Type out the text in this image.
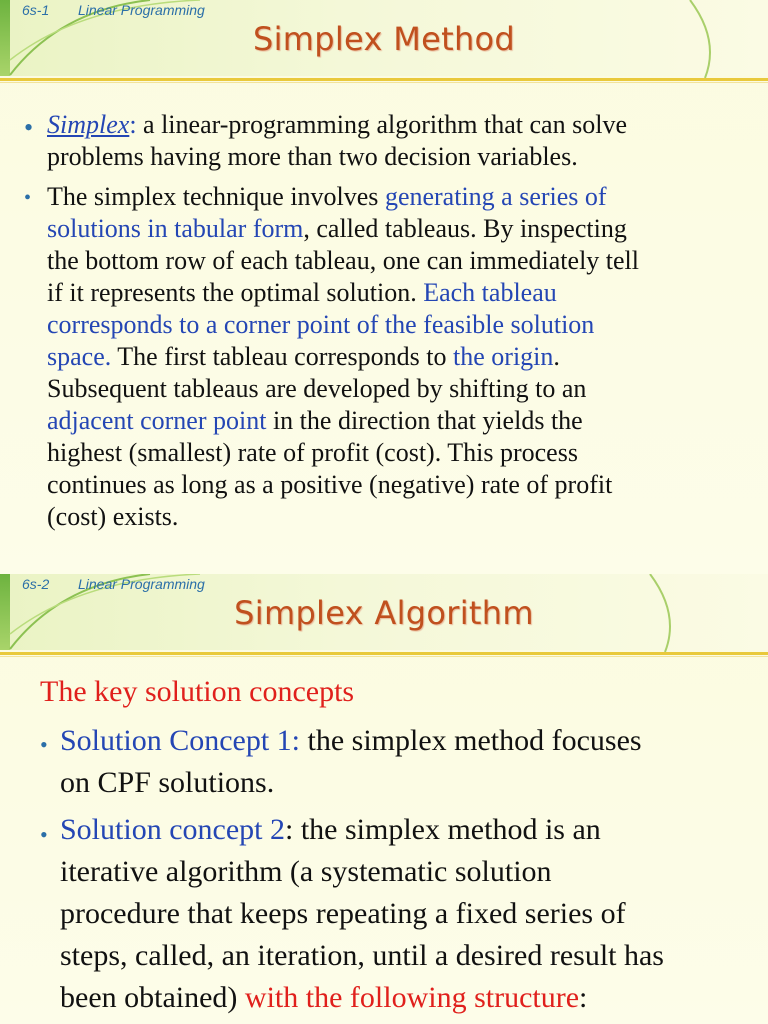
6s-1 Linear Programming
Simplex Method
• Simplex: a linear-programming algorithm that can solve
problems having more than two decision variables.
• The simplex technique involves generating a series of
solutions in tabular form, called tableaus. By inspecting
the bottom row of each tableau, one can immediately tell
if it represents the optimal solution. Each tableau
corresponds to a corner point of the feasible solution
space. The first tableau corresponds to the origin.
Subsequent tableaus are developed by shifting to an
adjacent corner point in the direction that yields the
highest (smallest) rate of profit (cost). This process
continues as long as a positive (negative) rate of profit
(cost) exists.
6s-2 Linear Programming
Simplex Algorithm
The key solution concepts
• Solution Concept 1: the simplex method focuses
on CPF solutions.
• Solution concept 2: the simplex method is an
iterative algorithm (a systematic solution
procedure that keeps repeating a fixed series of
steps, called, an iteration, until a desired result has
been obtained) with the following structure:
